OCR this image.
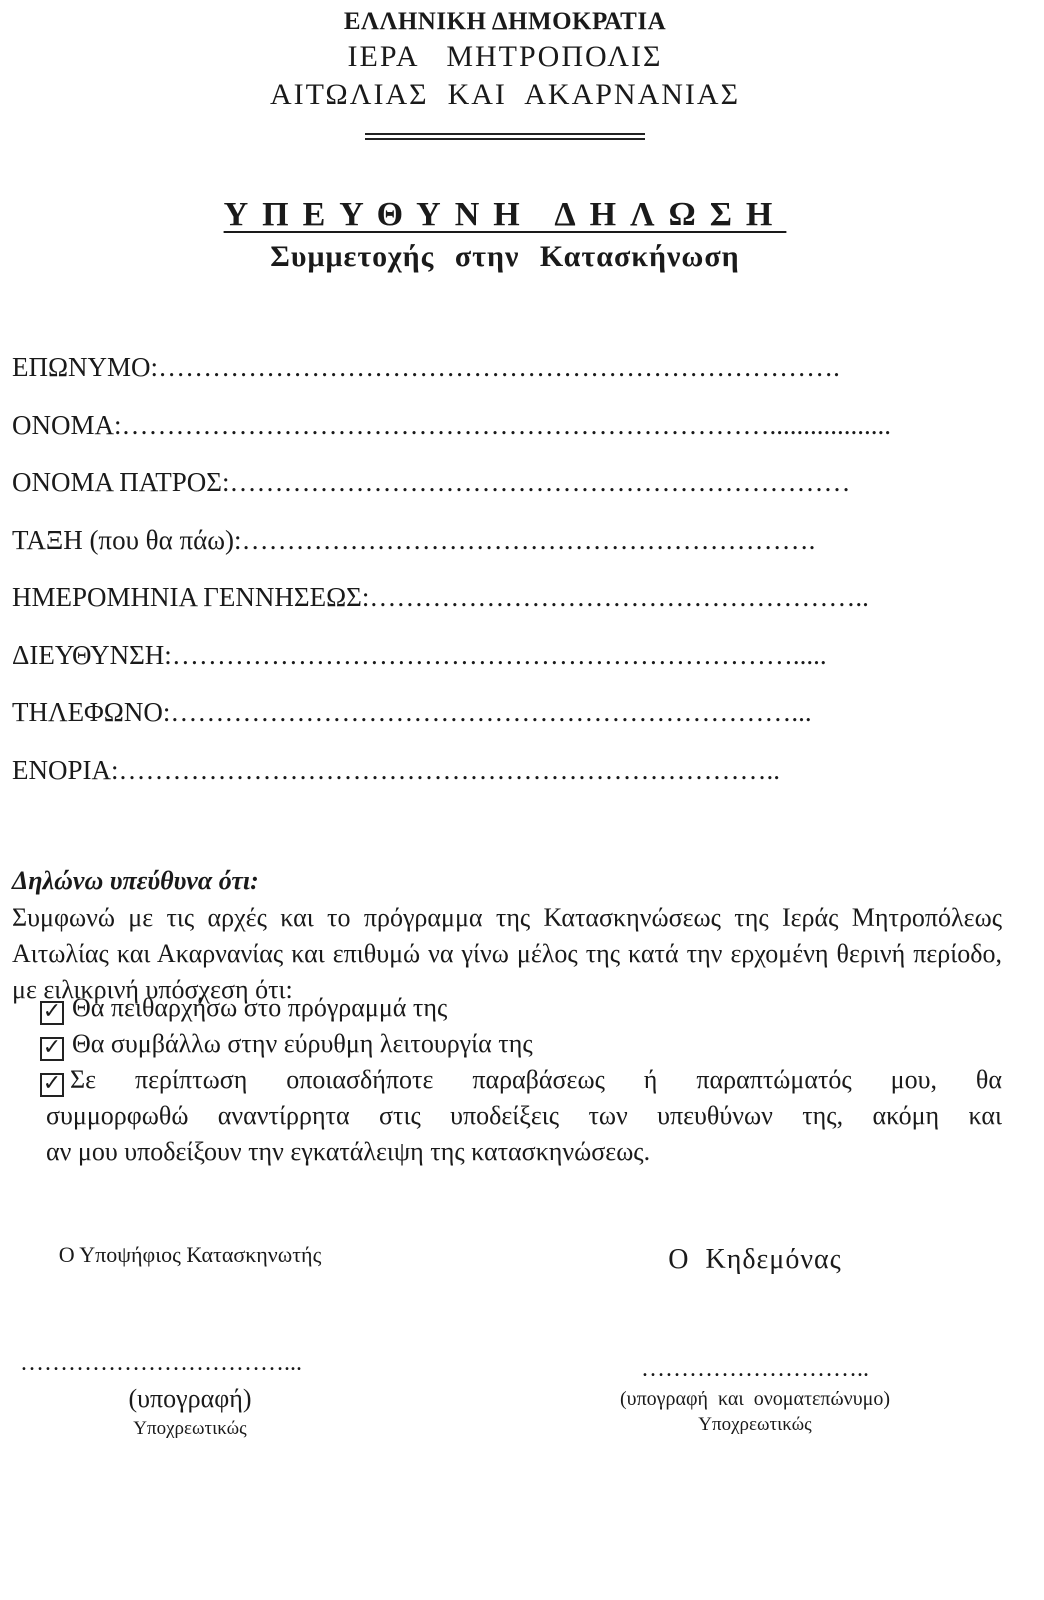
ΕΛΛΗΝΙΚΗ ΔΗΜΟΚΡΑΤΙΑ
ΙΕΡΑ   ΜΗΤΡΟΠΟΛΙΣ
ΑΙΤΩΛΙΑΣ  ΚΑΙ  ΑΚΑΡΝΑΝΙΑΣ
ΥΠΕΥΘΥΝΗ ΔΗΛΩΣΗ
Συμμετοχής στην Κατασκήνωση
ΕΠΩΝΥΜΟ:………………………………………………………………….
ΟΝΟΜΑ:………………………………………………………………..................
ΟΝΟΜΑ ΠΑΤΡΟΣ:……………………………………………………………
ΤΑΞΗ (που θα πάω):……………………………………………………….
ΗΜΕΡΟΜΗΝΙΑ ΓΕΝΝΗΣΕΩΣ:………………………………………………..
ΔΙΕΥΘΥΝΣΗ:…………………………………………………………….....
ΤΗΛΕΦΩΝΟ:……………………………………………………………...
ΕΝΟΡΙΑ:………………………………………………………………..
Δηλώνω υπεύθυνα ότι:
Συμφωνώ με τις αρχές και το πρόγραμμα της Κατασκηνώσεως της Ιεράς Μητροπόλεως Αιτωλίας και Ακαρνανίας και επιθυμώ να γίνω μέλος της κατά την ερχομένη θερινή περίοδο, με ειλικρινή υπόσχεση ότι:
✓ Θα πειθαρχήσω στο πρόγραμμά της
✓ Θα συμβάλλω στην εύρυθμη λειτουργία της
✓ Σε περίπτωση οποιασδήποτε παραβάσεως ή παραπτώματός μου, θα
συμμορφωθώ αναντίρρητα στις υποδείξεις των υπευθύνων της, ακόμη και
αν μου υποδείξουν την εγκατάλειψη της κατασκηνώσεως.
Ο Υποψήφιος Κατασκηνωτής	Ο  Κηδεμόνας
……………………………...	………………………..
(υπογραφή)	(υπογραφή  και  ονοματεπώνυμο)
Υποχρεωτικώς	Υποχρεωτικώς
